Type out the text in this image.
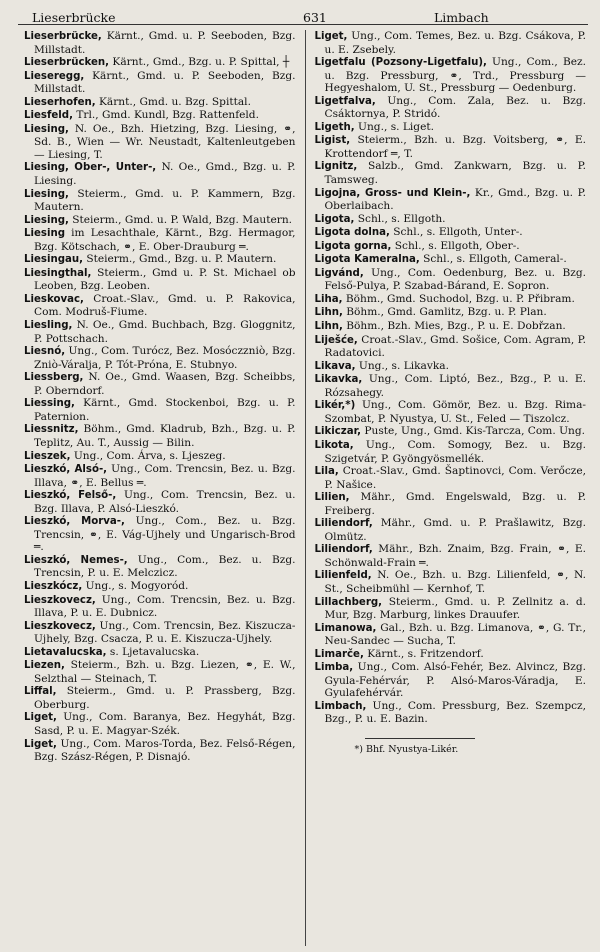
Lieserbrücke	631	Limbach

Lieserbrücke, Kärnt., Gmd. u. P. Seeboden, Bzg. Millstadt.

Lieserbrücken, Kärnt., Gmd., Bzg. u. P. Spittal, ┼

Lieseregg, Kärnt., Gmd. u. P. Seeboden, Bzg. Millstadt.

Lieserhofen, Kärnt., Gmd. u. Bzg. Spittal.

Liesfeld, Trl., Gmd. Kundl, Bzg. Rattenfeld.

Liesing, N. Oe., Bzh. Hietzing, Bzg. Liesing, ⚭, Sd. B., Wien — Wr. Neustadt, Kaltenleutgeben — Liesing, T.

Liesing, Ober-, Unter-, N. Oe., Gmd., Bzg. u. P. Liesing.

Liesing, Steierm., Gmd. u. P. Kammern, Bzg. Mautern.

Liesing, Steierm., Gmd. u. P. Wald, Bzg. Mautern.

Liesing im Lesachthale, Kärnt., Bzg. Hermagor, Bzg. Kötschach, ⚭, E. Ober-Drauburg ═.

Liesingau, Steierm., Gmd., Bzg. u. P. Mautern.

Liesingthal, Steierm., Gmd u. P. St. Michael ob Leoben, Bzg. Leoben.

Lieskovac, Croat.-Slav., Gmd. u. P. Rakovica, Com. Modruš-Fiume.

Liesling, N. Oe., Gmd. Buchbach, Bzg. Gloggnitz, P. Pottschach.

Liesnó, Ung., Com. Turócz, Bez. Mosóczzniò, Bzg. Zniò-Váralja, P. Tót-Próna, E. Stubnyo.

Liessberg, N. Oe., Gmd. Waasen, Bzg. Scheibbs, P. Oberndorf.

Liessing, Kärnt., Gmd. Stockenboi, Bzg. u. P. Paternion.

Liessnitz, Böhm., Gmd. Kladrub, Bzh., Bzg. u. P. Teplitz, Au. T., Aussig — Bilin.

Lieszek, Ung., Com. Árva, s. Ljeszeg.

Lieszkó, Alsó-, Ung., Com. Trencsin, Bez. u. Bzg. Illava, ⚭, E. Bellus ═.

Lieszkó, Felső-, Ung., Com. Trencsin, Bez. u. Bzg. Illava, P. Alsó-Lieszkó.

Lieszkó, Morva-, Ung., Com., Bez. u. Bzg. Trencsin, ⚭, E. Vág-Ujhely und Ungarisch-Brod ═.

Lieszkó, Nemes-, Ung., Com., Bez. u. Bzg. Trencsin, P. u. E. Melczicz.

Lieszkócz, Ung., s. Mogyoród.

Lieszkovecz, Ung., Com. Trencsin, Bez. u. Bzg. Illava, P. u. E. Dubnicz.

Lieszkovecz, Ung., Com. Trencsin, Bez. Kiszucza-Ujhely, Bzg. Csacza, P. u. E. Kiszucza-Ujhely.

Lietavalucska, s. Ljetavalucska.

Liezen, Steierm., Bzh. u. Bzg. Liezen, ⚭, E. W., Selzthal — Steinach, T.

Liffal, Steierm., Gmd. u. P. Prassberg, Bzg. Oberburg.

Liget, Ung., Com. Baranya, Bez. Hegyhát, Bzg. Sasd, P. u. E. Magyar-Szék.

Liget, Ung., Com. Maros-Torda, Bez. Felső-Régen, Bzg. Szász-Régen, P. Disnajó.

Liget, Ung., Com. Temes, Bez. u. Bzg. Csákova, P. u. E. Zsebely.

Ligetfalu (Pozsony-Ligetfalu), Ung., Com., Bez. u. Bzg. Pressburg, ⚭, Trd., Pressburg — Hegyeshalom, U. St., Pressburg — Oedenburg.

Ligetfalva, Ung., Com. Zala, Bez. u. Bzg. Csáktornya, P. Stridó.

Ligeth, Ung., s. Liget.

Ligist, Steierm., Bzh. u. Bzg. Voitsberg, ⚭, E. Krottendorf ═, T.

Lignitz, Salzb., Gmd. Zankwarn, Bzg. u. P. Tamsweg.

Ligojna, Gross- und Klein-, Kr., Gmd., Bzg. u. P. Oberlaibach.

Ligota, Schl., s. Ellgoth.

Ligota dolna, Schl., s. Ellgoth, Unter-.

Ligota gorna, Schl., s. Ellgoth, Ober-.

Ligota Kameralna, Schl., s. Ellgoth, Cameral-.

Ligvánd, Ung., Com. Oedenburg, Bez. u. Bzg. Felső-Pulya, P. Szabad-Bárand, E. Sopron.

Liha, Böhm., Gmd. Suchodol, Bzg. u. P. Přibram.

Lihn, Böhm., Gmd. Gamlitz, Bzg. u. P. Plan.

Lihn, Böhm., Bzh. Mies, Bzg., P. u. E. Dobřzan.

Liješće, Croat.-Slav., Gmd. Sošice, Com. Agram, P. Radatovici.

Likava, Ung., s. Likavka.

Likavka, Ung., Com. Liptó, Bez., Bzg., P. u. E. Rózsahegy.

Likér,*) Ung., Com. Gömör, Bez. u. Bzg. Rima-Szombat, P. Nyustya, U. St., Feled — Tiszolcz.

Likiczar, Puste, Ung., Gmd. Kis-Tarcza, Com. Ung.

Likota, Ung., Com. Somogy, Bez. u. Bzg. Szigetvár, P. Gyöngyösmellék.

Lila, Croat.-Slav., Gmd. Šaptinovci, Com. Verőcze, P. Našice.

Lilien, Mähr., Gmd. Engelswald, Bzg. u. P. Freiberg.

Liliendorf, Mähr., Gmd. u. P. Prašlawitz, Bzg. Olmütz.

Liliendorf, Mähr., Bzh. Znaim, Bzg. Frain, ⚭, E. Schönwald-Frain ═.

Lilienfeld, N. Oe., Bzh. u. Bzg. Lilienfeld, ⚭, N. St., Scheibmühl — Kernhof, T.

Lillachberg, Steierm., Gmd. u. P. Zellnitz a. d. Mur, Bzg. Marburg, linkes Drauufer.

Limanowa, Gal., Bzh. u. Bzg. Limanova, ⚭, G. Tr., Neu-Sandec — Sucha, T.

Limarče, Kärnt., s. Fritzendorf.

Limba, Ung., Com. Alsó-Fehér, Bez. Alvincz, Bzg. Gyula-Fehérvár, P. Alsó-Maros-Váradja, E. Gyulafehérvár.

Limbach, Ung., Com. Pressburg, Bez. Szempcz, Bzg., P. u. E. Bazin.

*) Bhf. Nyustya-Likér.
